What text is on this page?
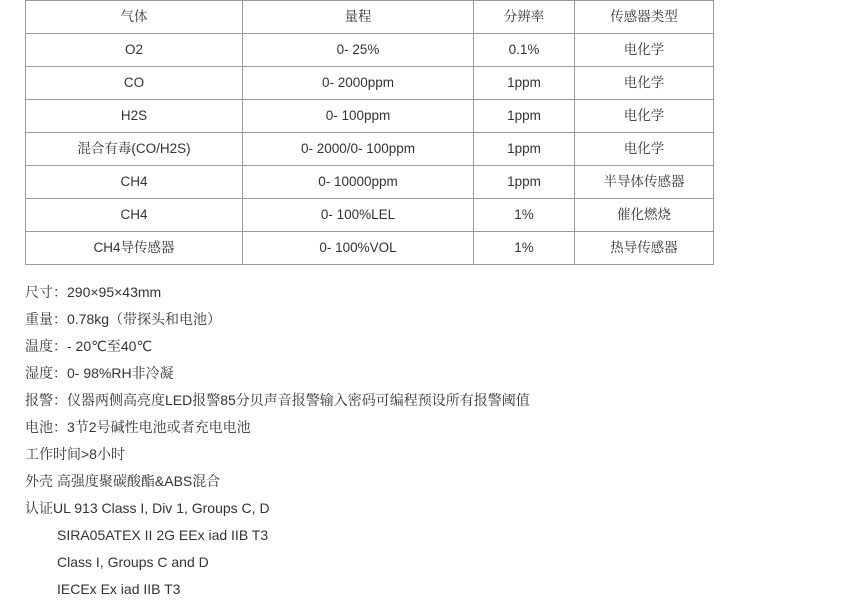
气体	量程	分辨率	传感器类型
O2	0- 25%	0.1%	电化学
CO	0- 2000ppm	1ppm	电化学
H2S	0- 100ppm	1ppm	电化学
混合有毒(CO/H2S)	0- 2000/0- 100ppm	1ppm	电化学
CH4	0- 10000ppm	1ppm	半导体传感器
CH4	0- 100%LEL	1%	催化燃烧
CH4导传感器	0- 100%VOL	1%	热导传感器
尺寸：290×95×43mm
重量：0.78kg（带探头和电池）
温度：- 20℃至40℃
湿度：0- 98%RH非冷凝
报警：仪器两侧高亮度LED报警85分贝声音报警输入密码可编程预设所有报警阈值
电池：3节2号碱性电池或者充电电池
工作时间>8小时
外壳 高强度聚碳酸酯&ABS混合
认证UL 913 Class I, Div 1, Groups C, D
SIRA05ATEX II 2G EEx iad IIB T3
Class I, Groups C and D
IECEx Ex iad IIB T3
